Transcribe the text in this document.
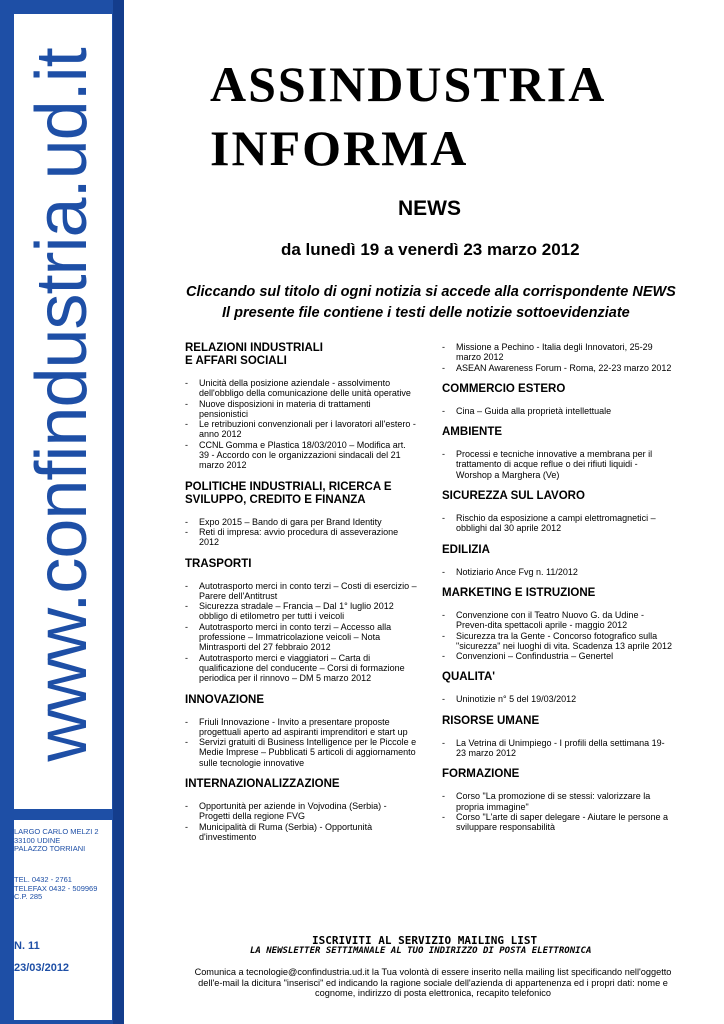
www.confindustria.ud.it
LARGO CARLO MELZI 2
33100 UDINE
PALAZZO TORRIANI
TEL. 0432 - 2761
TELEFAX 0432 - 509969
C.P. 285
N. 11
23/03/2012
ASSINDUSTRIA
INFORMA
NEWS
da lunedì 19 a venerdì 23 marzo 2012
Cliccando sul titolo di ogni notizia si accede alla corrispondente NEWS
Il presente file contiene i testi delle notizie sottoevidenziate
RELAZIONI INDUSTRIALI
E AFFARI SOCIALI
- Unicità della posizione aziendale - assolvimento dell'obbligo della comunicazione delle unità operative
- Nuove disposizioni in materia di trattamenti pensionistici
- Le retribuzioni convenzionali per i lavoratori all'estero - anno 2012
- CCNL Gomma e Plastica 18/03/2010 – Modifica art. 39 - Accordo con le organizzazioni sindacali del 21 marzo 2012
POLITICHE INDUSTRIALI, RICERCA E
SVILUPPO, CREDITO E FINANZA
- Expo 2015 – Bando di gara per Brand Identity
- Reti di impresa: avvio procedura di asseverazione 2012
TRASPORTI
- Autotrasporto merci in conto terzi – Costi di esercizio – Parere dell'Antitrust
- Sicurezza stradale – Francia – Dal 1° luglio 2012 obbligo di etilometro per tutti i veicoli
- Autotrasporto merci in conto terzi – Accesso alla professione – Immatricolazione veicoli – Nota Mintrasporti del 27 febbraio 2012
- Autotrasporto merci e viaggiatori – Carta di qualificazione del conducente – Corsi di formazione periodica per il rinnovo – DM 5 marzo 2012
INNOVAZIONE
- Friuli Innovazione - Invito a presentare proposte progettuali aperto ad aspiranti imprenditori e start up
- Servizi gratuiti di Business Intelligence per le Piccole e Medie Imprese – Pubblicati 5 articoli di aggiornamento sulle tecnologie innovative
INTERNAZIONALIZZAZIONE
- Opportunità per aziende in Vojvodina (Serbia) - Progetti della regione FVG
- Municipalità di Ruma (Serbia) - Opportunità d'investimento
- Missione a Pechino - Italia degli Innovatori, 25-29 marzo 2012
- ASEAN Awareness Forum - Roma, 22-23 marzo 2012
COMMERCIO ESTERO
- Cina – Guida alla proprietà intellettuale
AMBIENTE
- Processi e tecniche innovative a membrana per il trattamento di acque reflue o dei rifiuti liquidi - Worshop a Marghera (Ve)
SICUREZZA SUL LAVORO
- Rischio da esposizione a campi elettromagnetici – obblighi dal 30 aprile 2012
EDILIZIA
- Notiziario Ance Fvg n. 11/2012
MARKETING E ISTRUZIONE
- Convenzione con il Teatro Nuovo G. da Udine - Preven-dita spettacoli aprile - maggio 2012
- Sicurezza tra la Gente - Concorso fotografico sulla "sicurezza" nei luoghi di vita. Scadenza 13 aprile 2012
- Convenzioni – Confindustria – Genertel
QUALITA'
- Uninotizie n° 5 del 19/03/2012
RISORSE UMANE
- La Vetrina di Unimpiego - I profili della settimana 19-23 marzo 2012
FORMAZIONE
- Corso "La promozione di se stessi: valorizzare la propria immagine"
- Corso "L'arte di saper delegare - Aiutare le persone a sviluppare responsabilità
ISCRIVITI AL SERVIZIO MAILING LIST
LA NEWSLETTER SETTIMANALE AL TUO INDIRIZZO DI POSTA ELETTRONICA
Comunica a tecnologie@confindustria.ud.it la Tua volontà di essere inserito nella mailing list specificando nell'oggetto dell'e-mail la dicitura "inserisci" ed indicando la ragione sociale dell'azienda di appartenenza ed i propri dati: nome e cognome, indirizzo di posta elettronica, recapito telefonico
